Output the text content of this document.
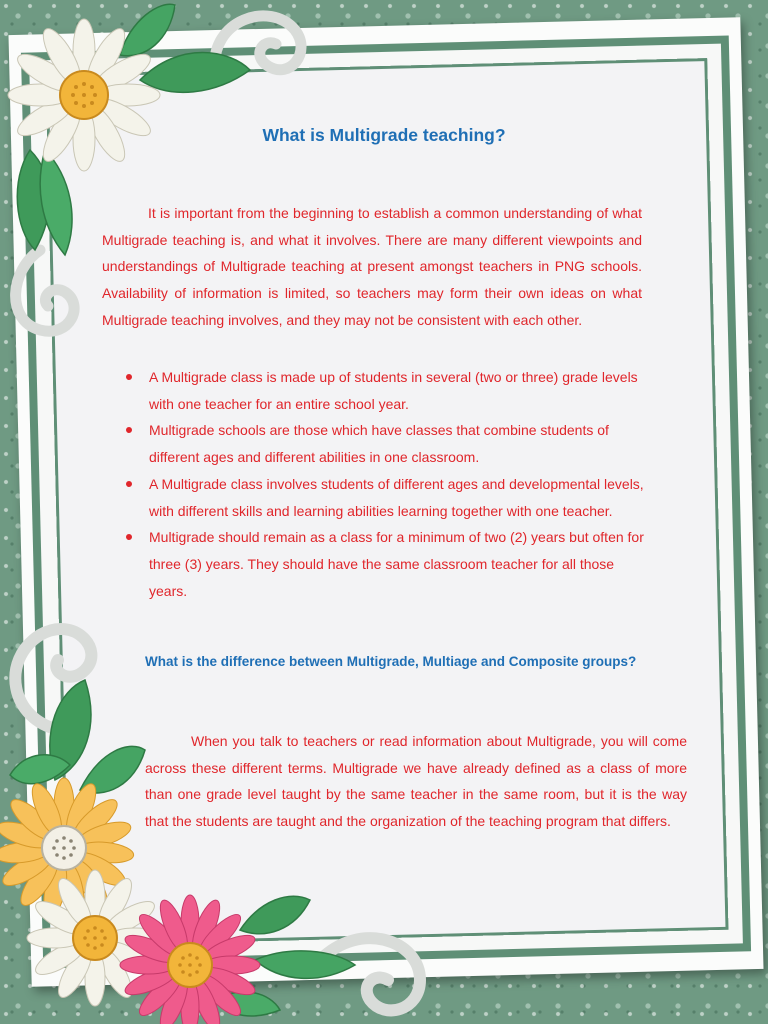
What is Multigrade teaching?

It is important from the beginning to establish a common understanding of what Multigrade teaching is, and what it involves. There are many different viewpoints and understandings of Multigrade teaching at present amongst teachers in PNG schools. Availability of information is limited, so teachers may form their own ideas on what Multigrade teaching involves, and they may not be consistent with each other.

A Multigrade class is made up of students in several (two or three) grade levels with one teacher for an entire school year.
Multigrade schools are those which have classes that combine students of different ages and different abilities in one classroom.
A Multigrade class involves students of different ages and developmental levels, with different skills and learning abilities learning together with one teacher.
Multigrade should remain as a class for a minimum of two (2) years but often for three (3) years. They should have the same classroom teacher for all those years.
What is the difference between Multigrade, Multiage and Composite groups?

When you talk to teachers or read information about Multigrade, you will come across these different terms. Multigrade we have already defined as a class of more than one grade level taught by the same teacher in the same room, but it is the way that the students are taught and the organization of the teaching program that differs.
